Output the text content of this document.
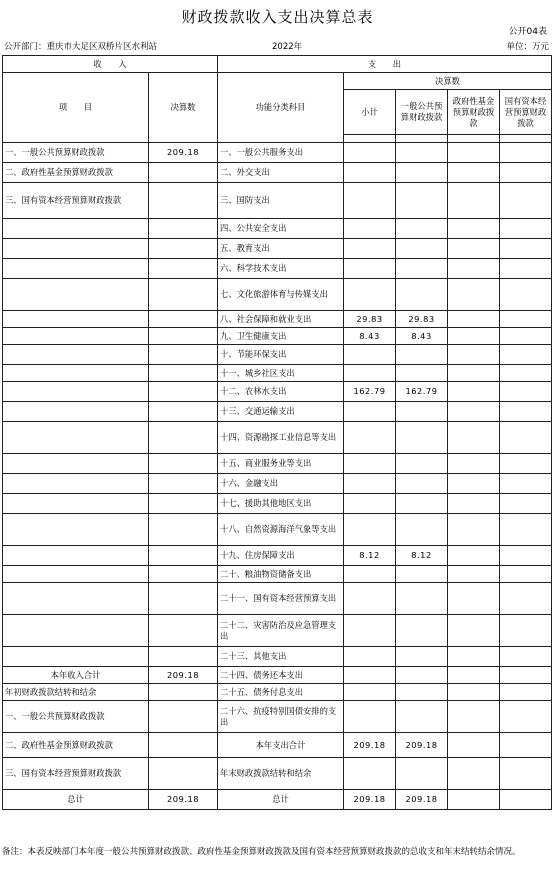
财政拨款收入支出决算总表
公开04表
公开部门：重庆市大足区双桥片区水利站	2022年	单位：万元
收　　入		支　　出				
项　　目	决算数	功能分类科目	决算数			
			小计	一般公共预算财政拨款	政府性基金预算财政拨款	国有资本经营预算财政拨款

一、一般公共预算财政拨款	209.18	一、一般公共服务支出				
二、政府性基金预算财政拨款		二、外交支出				
三、国有资本经营预算财政拨款		三、国防支出				
		四、公共安全支出				
		五、教育支出				
		六、科学技术支出				
		七、文化旅游体育与传媒支出				
		八、社会保障和就业支出	29.83	29.83		
		九、卫生健康支出	8.43	8.43		
		十、节能环保支出				
		十一、城乡社区支出				
		十二、农林水支出	162.79	162.79		
		十三、交通运输支出				
		十四、资源勘探工业信息等支出				
		十五、商业服务业等支出				
		十六、金融支出				
		十七、援助其他地区支出				
		十八、自然资源海洋气象等支出				
		十九、住房保障支出	8.12	8.12		
		二十、粮油物资储备支出				
		二十一、国有资本经营预算支出				
		二十二、灾害防治及应急管理支出				
		二十三、其他支出				
本年收入合计	209.18	二十四、债务还本支出				
年初财政拨款结转和结余		二十五、债务付息支出				
一、一般公共预算财政拨款		二十六、抗疫特别国债安排的支出				
二、政府性基金预算财政拨款		本年支出合计	209.18	209.18		
三、国有资本经营预算财政拨款		年末财政拨款结转和结余				
总计	209.18	总计	209.18	209.18		
备注：本表反映部门本年度一般公共预算财政拨款、政府性基金预算财政拨款及国有资本经营预算财政拨款的总收支和年末结转结余情况。
